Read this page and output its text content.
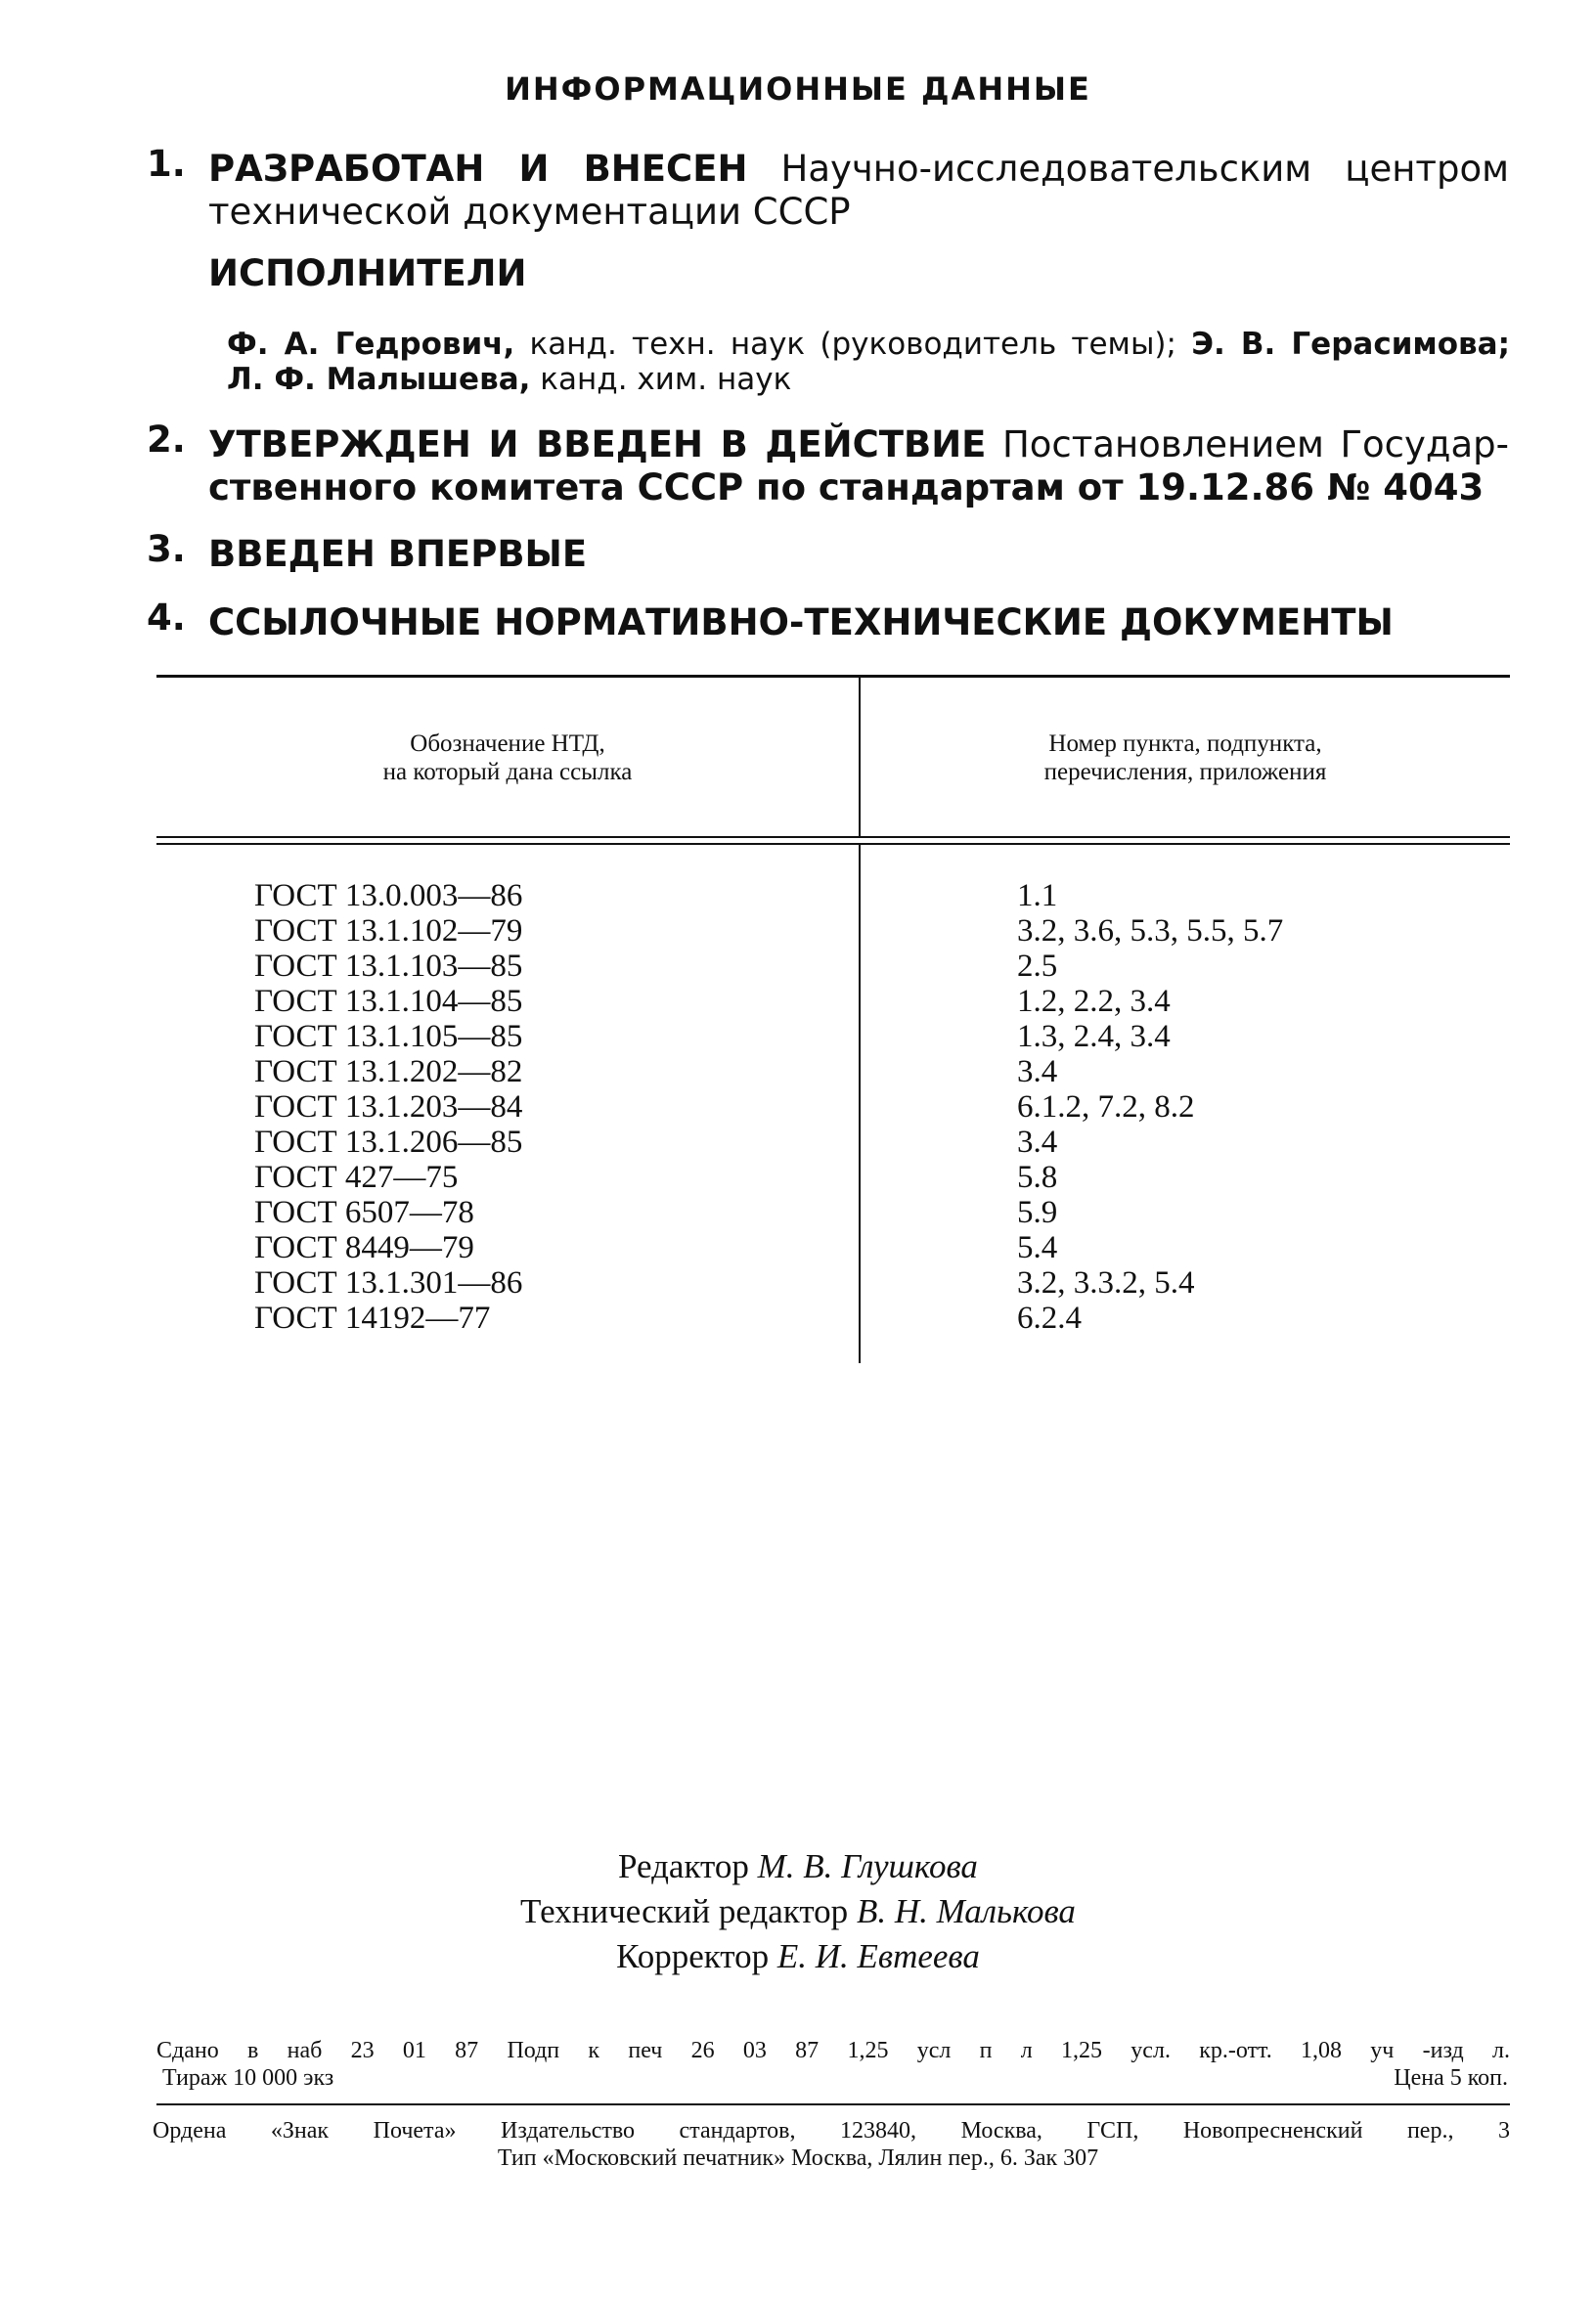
ИНФОРМАЦИОННЫЕ ДАННЫЕ
1. РАЗРАБОТАН И ВНЕСЕН Научно-исследовательским центром
технической документации СССР
ИСПОЛНИТЕЛИ
Ф. А. Гедрович, канд. техн. наук (руководитель темы); Э. В. Герасимова;
Л. Ф. Малышева, канд. хим. наук
2. УТВЕРЖДЕН И ВВЕДЕН В ДЕЙСТВИЕ Постановлением Государ-
ственного комитета СССР по стандартам от 19.12.86 № 4043
3. ВВЕДЕН ВПЕРВЫЕ
4. ССЫЛОЧНЫЕ НОРМАТИВНО-ТЕХНИЧЕСКИЕ ДОКУМЕНТЫ
Обозначение НТД,
на который дана ссылка
Номер пункта, подпункта,
перечисления, приложения
ГОСТ 13.0.003—86
ГОСТ 13.1.102—79
ГОСТ 13.1.103—85
ГОСТ 13.1.104—85
ГОСТ 13.1.105—85
ГОСТ 13.1.202—82
ГОСТ 13.1.203—84
ГОСТ 13.1.206—85
ГОСТ 427—75
ГОСТ 6507—78
ГОСТ 8449—79
ГОСТ 13.1.301—86
ГОСТ 14192—77
1.1
3.2, 3.6, 5.3, 5.5, 5.7
2.5
1.2, 2.2, 3.4
1.3, 2.4, 3.4
3.4
6.1.2, 7.2, 8.2
3.4
5.8
5.9
5.4
3.2, 3.3.2, 5.4
6.2.4
Редактор М. В. Глушкова
Технический редактор В. Н. Малькова
Корректор Е. И. Евтеева
Сдано в наб 23 01 87 Подп к печ 26 03 87 1,25 усл п л 1,25 усл. кр.-отт. 1,08 уч -изд л.
Тираж 10 000 экз	Цена 5 коп.
Ордена «Знак Почета» Издательство стандартов, 123840, Москва, ГСП, Новопресненский пер., 3
Тип «Московский печатник» Москва, Лялин пер., 6. Зак 307
